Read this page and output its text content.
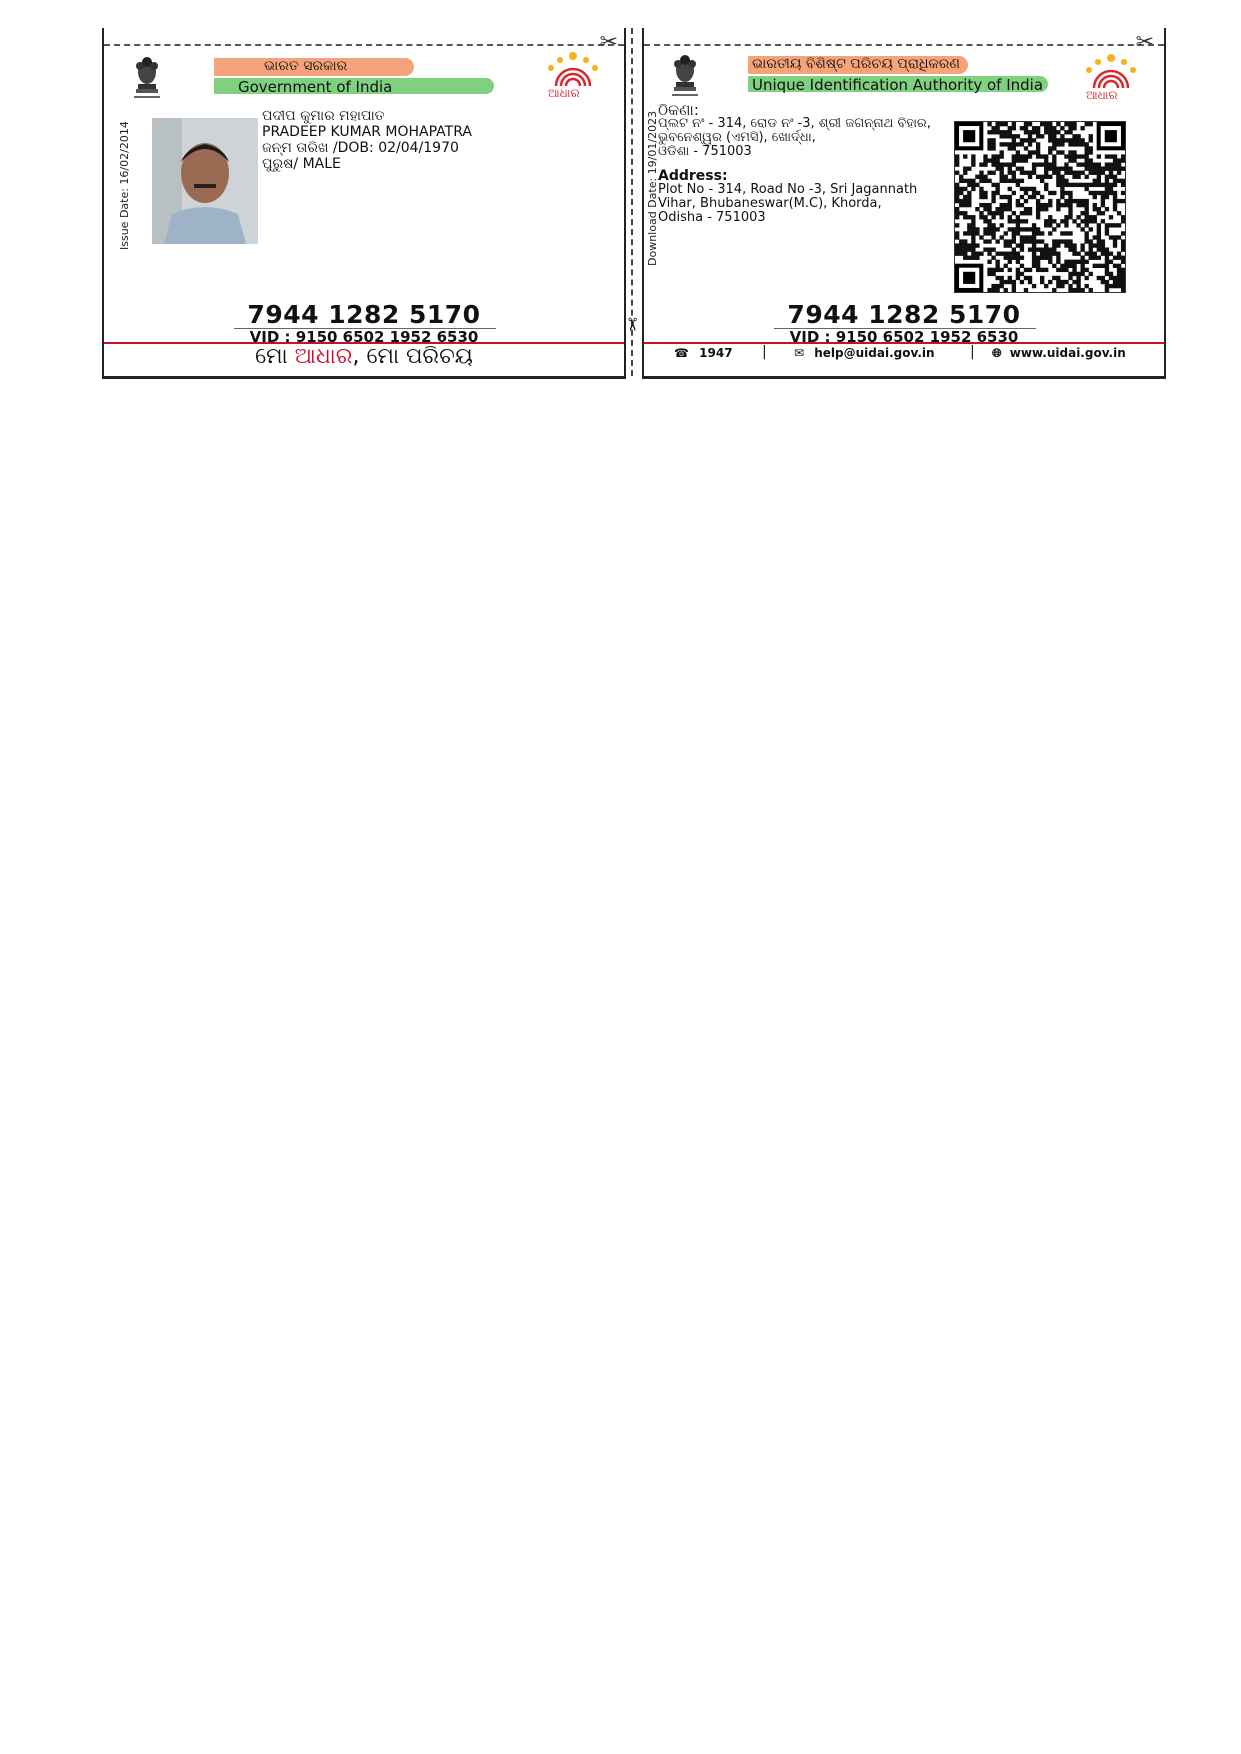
✂
ଭାରତ ସରକାର
Government of India	ଆଧାର
Issue Date: 16/02/2014
ପଦୀପ କୁମାର ମହାପାତ
PRADEEP KUMAR MOHAPATRA
ଜନ୍ମ ତାରିଖ /DOB: 02/04/1970
ପୁରୁଷ/ MALE
7944 1282 5170
VID : 9150 6502 1952 6530
ମୋ ଆଧାର, ମୋ ପରିଚୟ
✂
✂
ଭାରତୀୟ ବିଶିଷ୍ଟ ପରିଚୟ ପ୍ରାଧିକରଣ
Unique Identification Authority of India
ଆଧାର
Download Date: 19/01/2023
ଠିକଣା:
ପ୍ଲଟ ନଂ - 314, ରୋଡ ନଂ -3, ଶ୍ରୀ ଜଗନ୍ନାଥ ବିହାର,
ଭୁବନେଶ୍ୱର (ଏମସି), ଖୋର୍ଦ୍ଧା,
ଓଡିଶା - 751003
Address:
Plot No - 314, Road No -3, Sri Jagannath
Vihar, Bhubaneswar(M.C), Khorda,
Odisha - 751003
7944 1282 5170
VID : 9150 6502 1952 6530
☎ 1947 | ✉ help@uidai.gov.in	| 🌐︎ www.uidai.gov.in
